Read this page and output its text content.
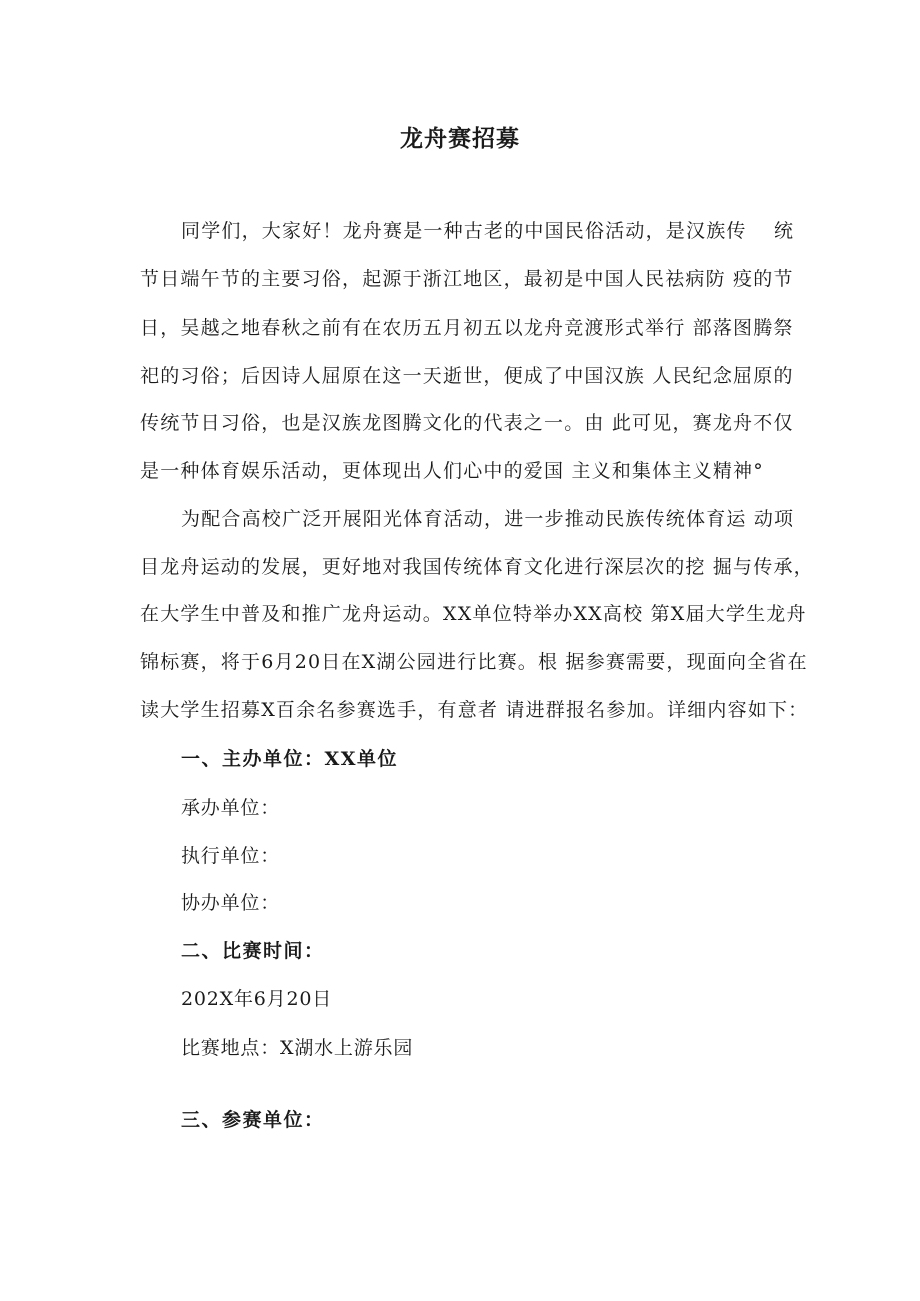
龙舟赛招募
同学们，大家好！龙舟赛是一种古老的中国民俗活动，是汉族传　 统
节日端午节的主要习俗，起源于浙江地区，最初是中国人民祛病防 疫的节
日，吴越之地春秋之前有在农历五月初五以龙舟竞渡形式举行 部落图腾祭
祀的习俗；后因诗人屈原在这一天逝世，便成了中国汉族 人民纪念屈原的
传统节日习俗，也是汉族龙图腾文化的代表之一。由 此可见，赛龙舟不仅
是一种体育娱乐活动，更体现出人们心中的爱国 主义和集体主义精神°
为配合高校广泛开展阳光体育活动，进一步推动民族传统体育运 动项
目龙舟运动的发展，更好地对我国传统体育文化进行深层次的挖 掘与传承，
在大学生中普及和推广龙舟运动。XX单位特举办XX高校 第X届大学生龙舟
锦标赛，将于6月20日在X湖公园进行比赛。根 据参赛需要，现面向全省在
读大学生招募X百余名参赛选手，有意者 请进群报名参加。详细内容如下：
一、主办单位：XX单位
承办单位：
执行单位：
协办单位：
二、比赛时间：
202X年6月20日
比赛地点：X湖水上游乐园
三、参赛单位：
